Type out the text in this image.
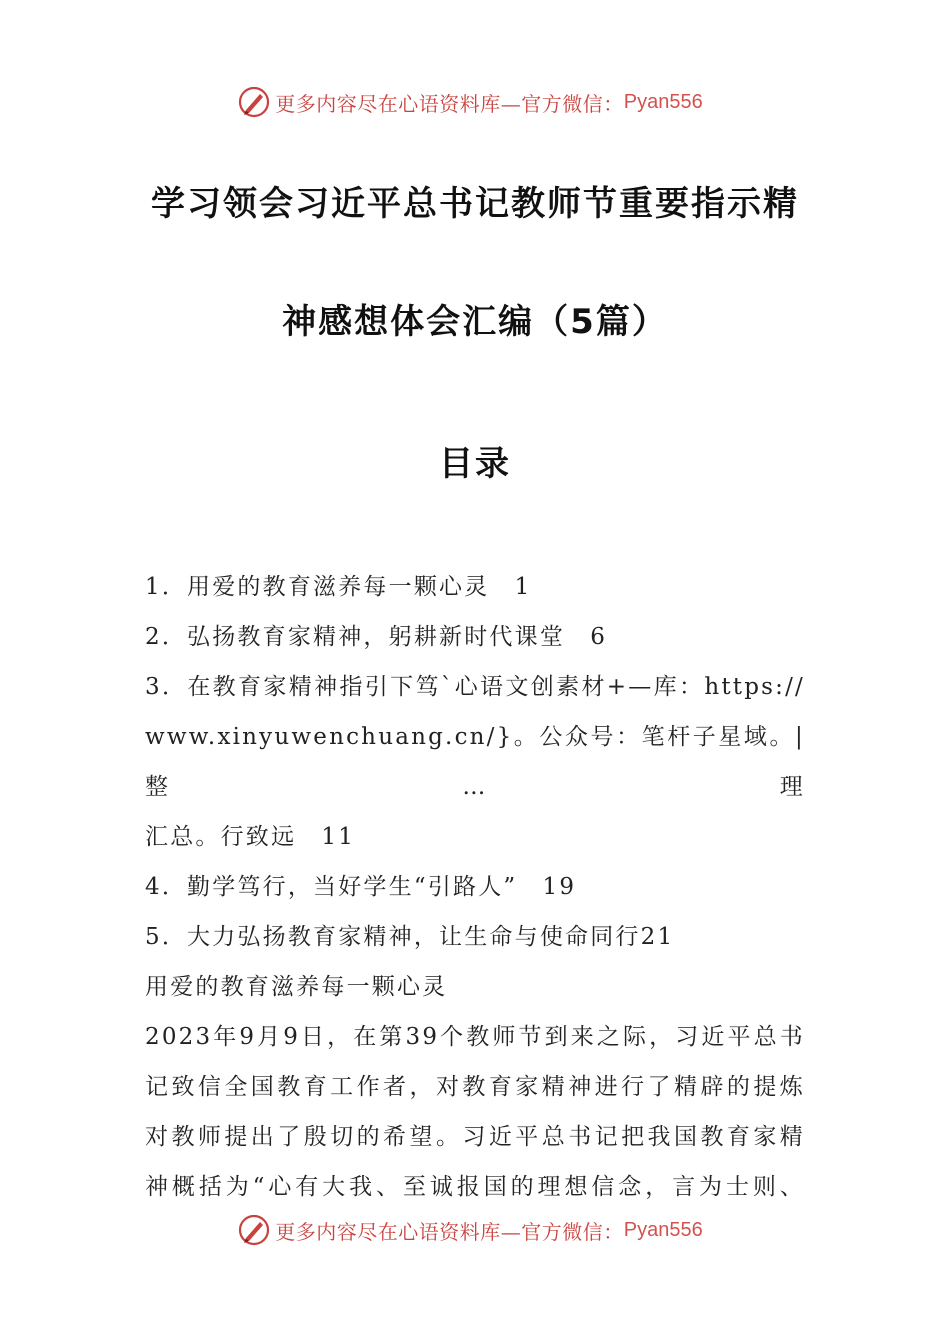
更多内容尽在心语资料库—官方微信： Pyan556
学习领会习近平总书记教师节重要指示精
神感想体会汇编（5篇）
目录

1．用爱的教育滋养每一颗心灵　1

2．弘扬教育家精神，躬耕新时代课堂　6

3．在教育家精神指引下笃`心语文创素材+—库：https://

www.xinyuwenchuang.cn/}。公众号：笔杆子星域。|整…理

汇总。行致远　11

4．勤学笃行，当好学生“引路人”　19

5．大力弘扬教育家精神，让生命与使命同行21

用爱的教育滋养每一颗心灵

2023年9月9日，在第39个教师节到来之际，习近平总书

记致信全国教育工作者，对教育家精神进行了精辟的提炼

对教师提出了殷切的希望。习近平总书记把我国教育家精

神概括为“心有大我、至诚报国的理想信念，言为士则、

更多内容尽在心语资料库—官方微信： Pyan556
